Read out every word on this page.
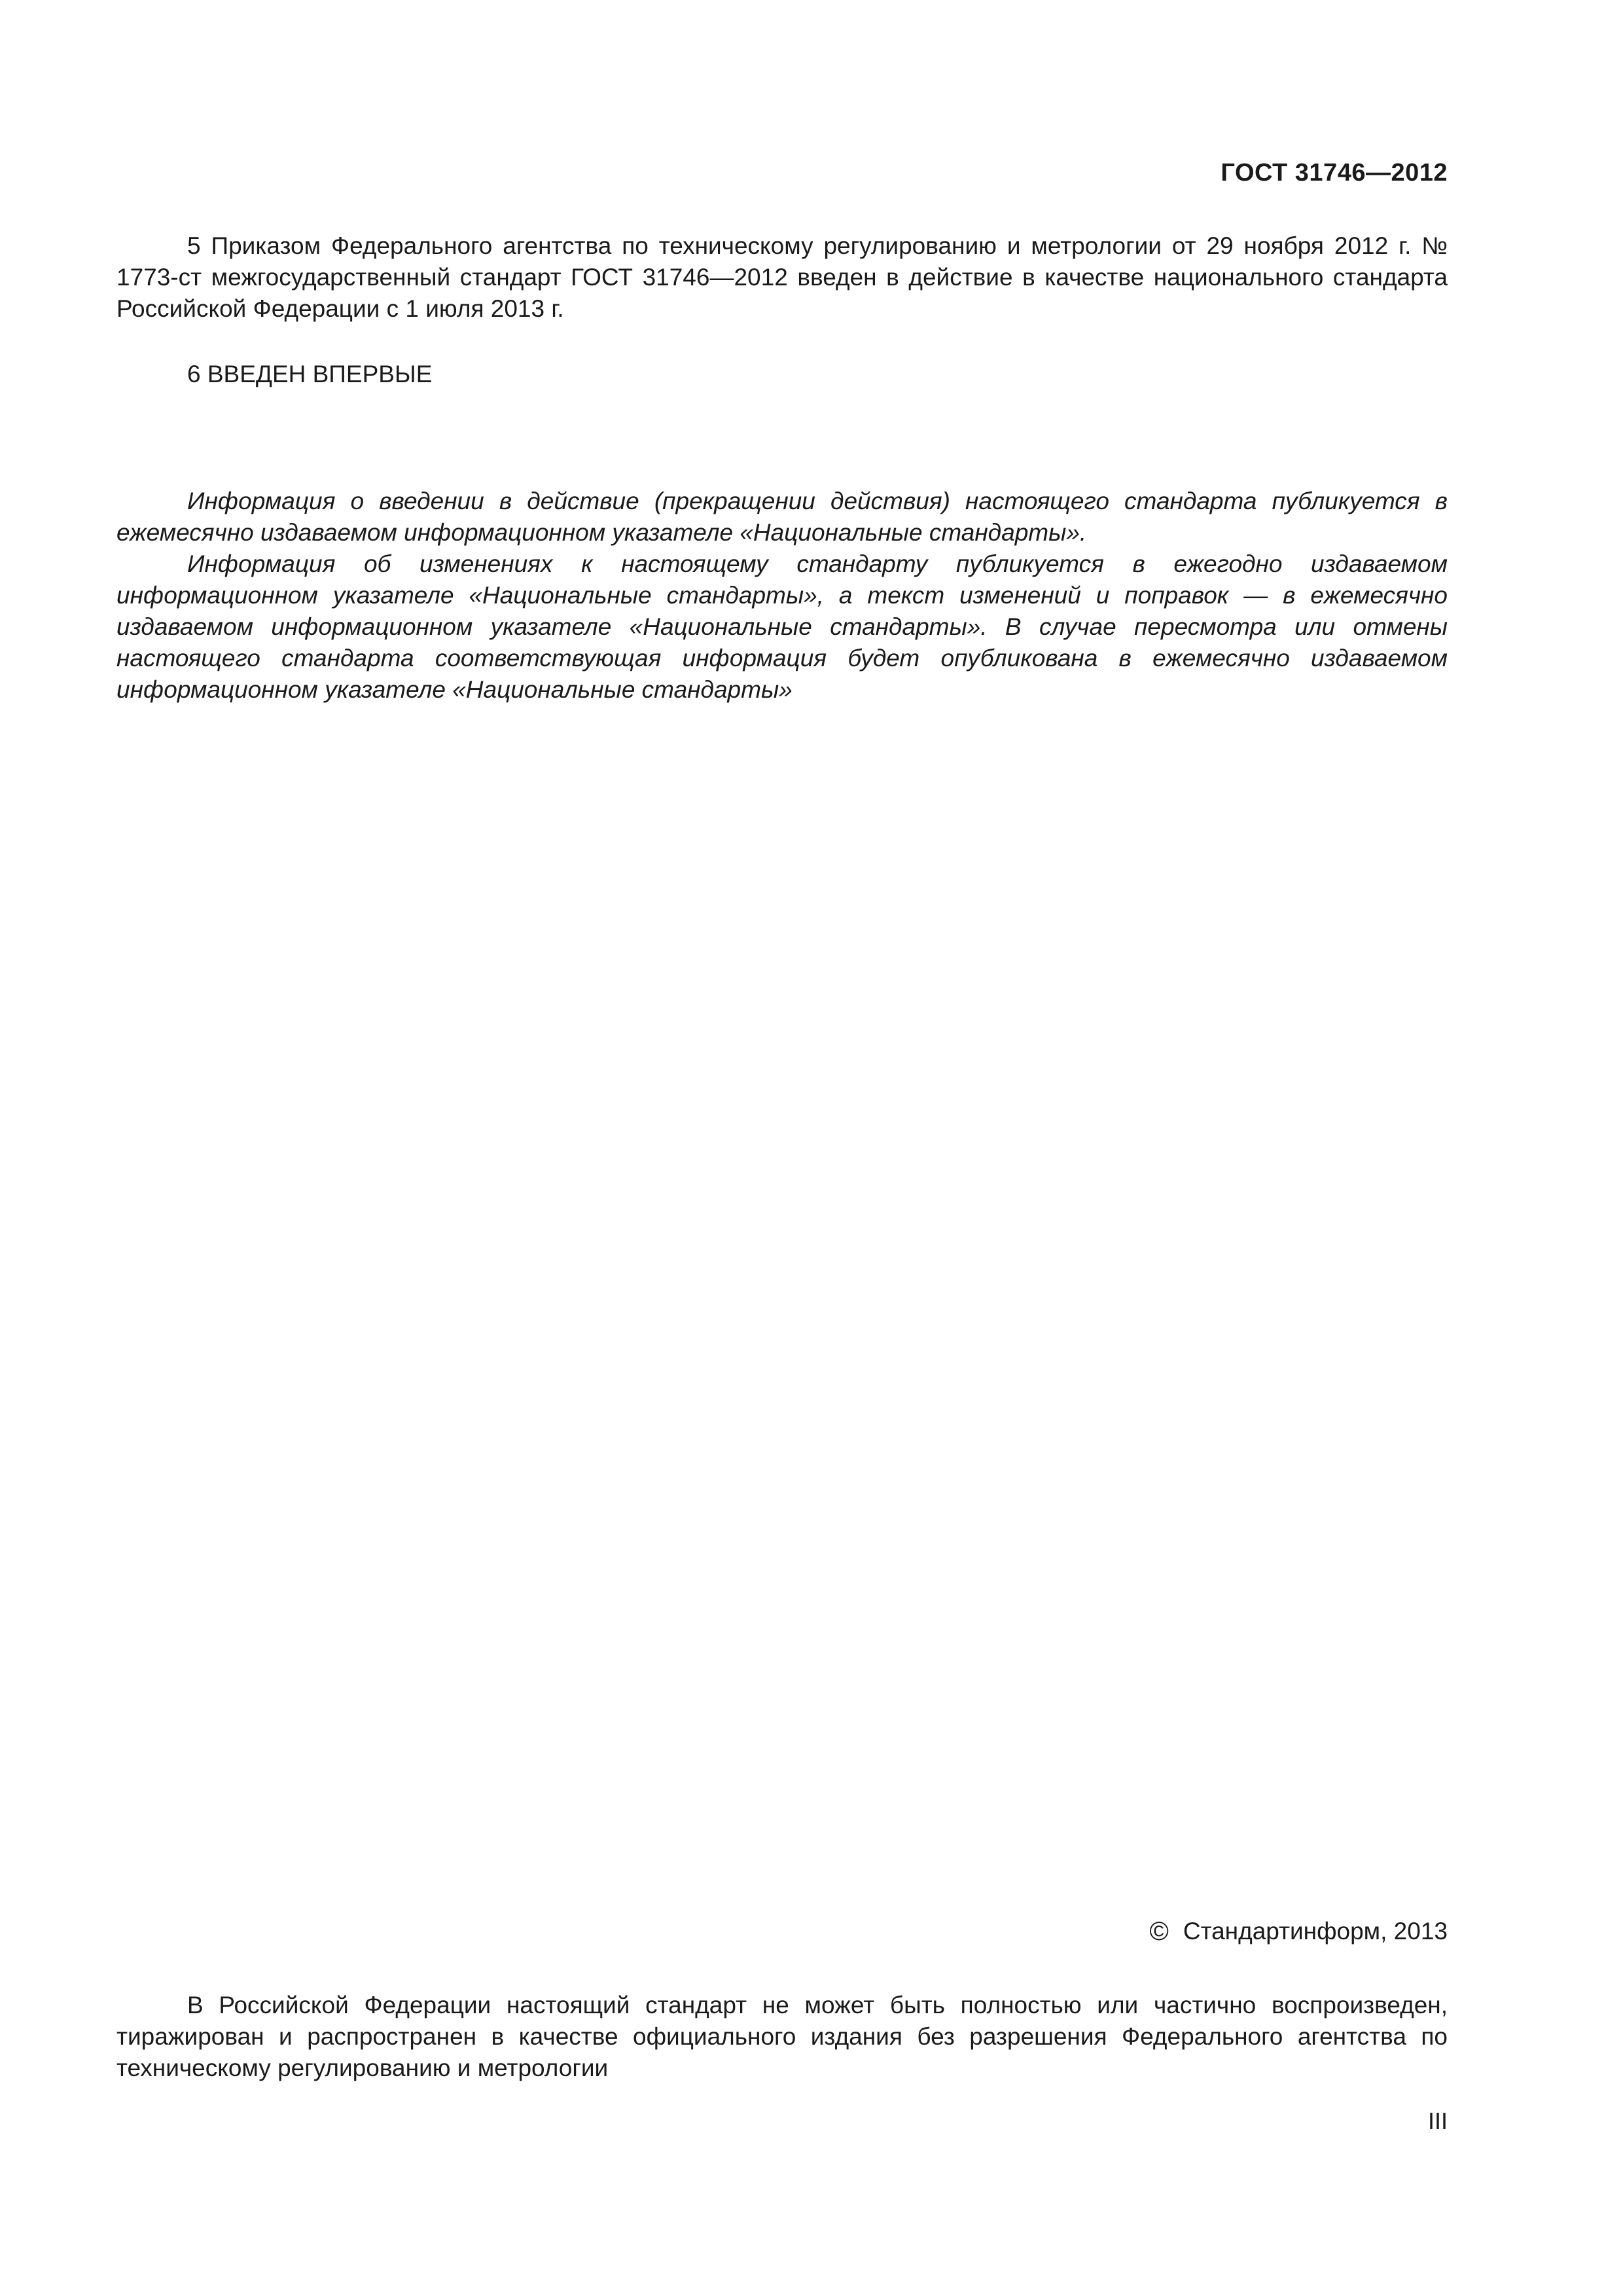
ГОСТ 31746—2012

5 Приказом Федерального агентства по техническому регулированию и метрологии от 29 ноября 2012 г. № 1773-ст межгосударственный стандарт ГОСТ 31746—2012 введен в действие в качестве национального стандарта Российской Федерации с 1 июля 2013 г.

6 ВВЕДЕН ВПЕРВЫЕ

Информация о введении в действие (прекращении действия) настоящего стандарта публикуется в ежемесячно издаваемом информационном указателе «Национальные стандарты».

Информация об изменениях к настоящему стандарту публикуется в ежегодно издаваемом информационном указателе «Национальные стандарты», а текст изменений и поправок — в ежемесячно издаваемом информационном указателе «Национальные стандарты». В случае пересмотра или отмены настоящего стандарта соответствующая информация будет опубликована в ежемесячно издаваемом информационном указателе «Национальные стандарты»

© Стандартинформ, 2013

В Российской Федерации настоящий стандарт не может быть полностью или частично воспроизведен, тиражирован и распространен в качестве официального издания без разрешения Федерального агентства по техническому регулированию и метрологии

III
